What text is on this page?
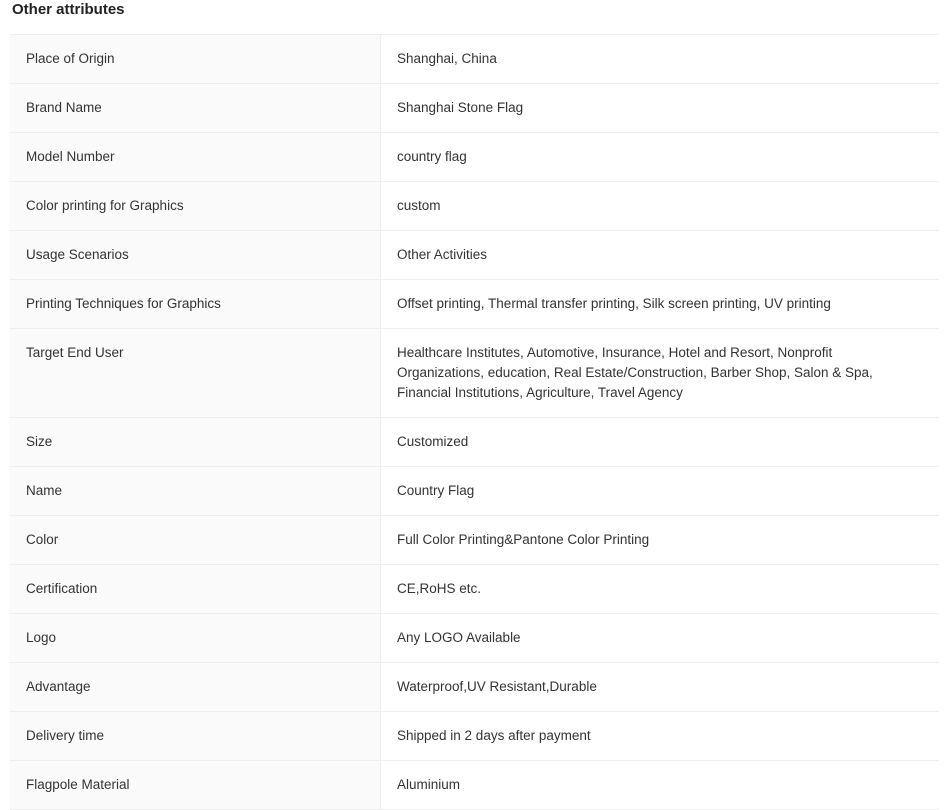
Other attributes
Place of Origin	Shanghai, China
Brand Name	Shanghai Stone Flag
Model Number	country flag
Color printing for Graphics	custom
Usage Scenarios	Other Activities
Printing Techniques for Graphics	Offset printing, Thermal transfer printing, Silk screen printing, UV printing
Target End User	Healthcare Institutes, Automotive, Insurance, Hotel and Resort, Nonprofit Organizations, education, Real Estate/Construction, Barber Shop, Salon & Spa, Financial Institutions, Agriculture, Travel Agency
Size	Customized
Name	Country Flag
Color	Full Color Printing&Pantone Color Printing
Certification	CE,RoHS etc.
Logo	Any LOGO Available
Advantage	Waterproof,UV Resistant,Durable
Delivery time	Shipped in 2 days after payment
Flagpole Material	Aluminium
